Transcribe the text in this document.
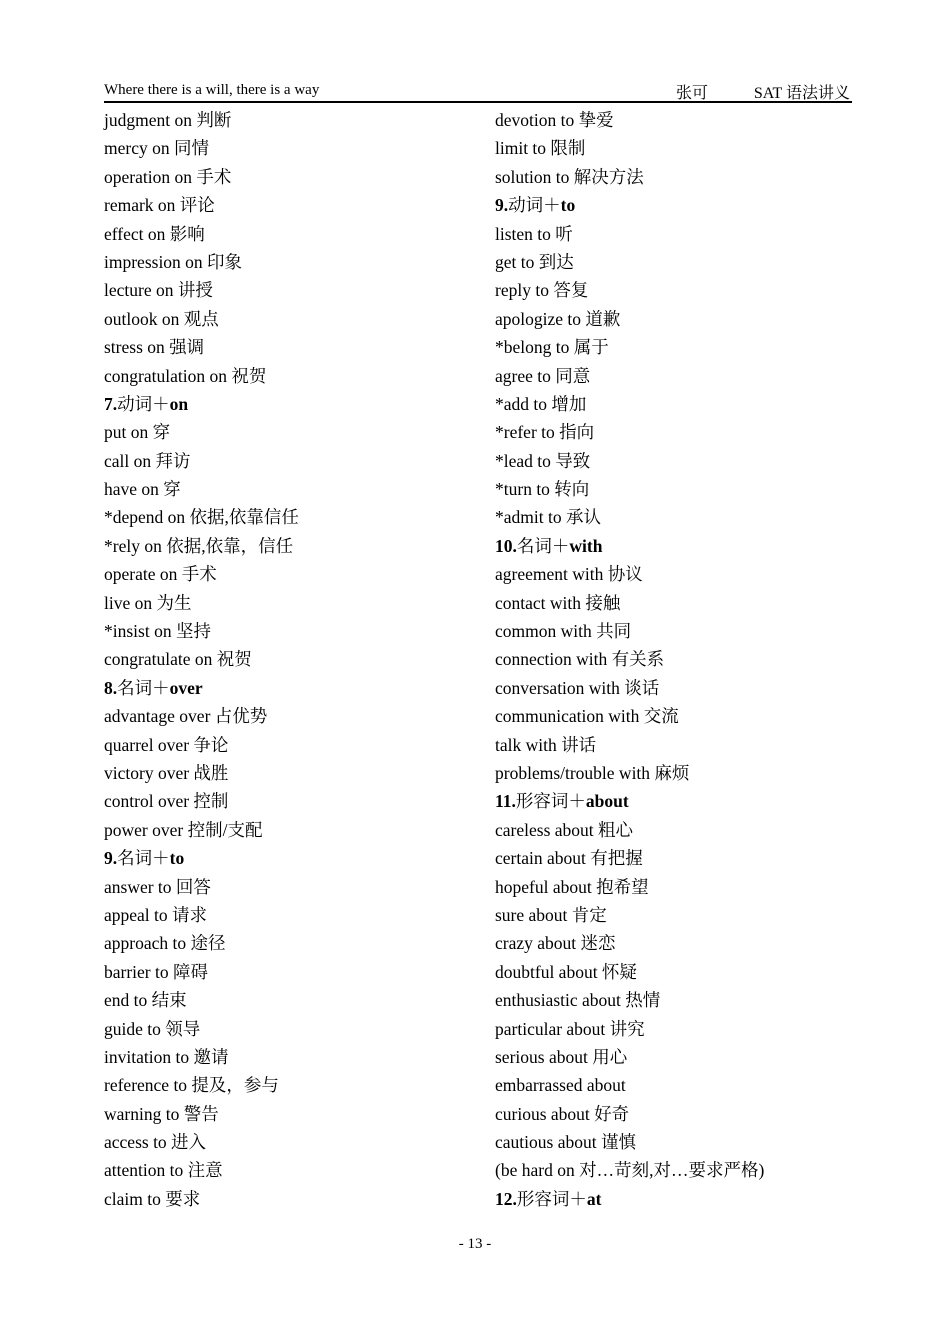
Where there is a will, there is a way	张可	SAT 语法讲义
judgment on 判断
mercy on 同情
operation on 手术
remark on 评论
effect on 影响
impression on 印象
lecture on 讲授
outlook on 观点
stress on 强调
congratulation on 祝贺
7.动词＋on
put on 穿
call on 拜访
have on 穿
*depend on 依据,依靠信任
*rely on 依据,依靠，信任
operate on 手术
live on 为生
*insist on 坚持
congratulate on 祝贺
8.名词＋over
advantage over 占优势
quarrel over 争论
victory over 战胜
control over 控制
power over 控制/支配
9.名词＋to
answer to 回答
appeal to 请求
approach to 途径
barrier to 障碍
end to 结束
guide to 领导
invitation to 邀请
reference to 提及，参与
warning to 警告
access to 进入
attention to 注意
claim to 要求
devotion to 挚爱
limit to 限制
solution to 解决方法
9.动词＋to
listen to 听
get to 到达
reply to 答复
apologize to 道歉
*belong to 属于
agree to 同意
*add to 增加
*refer to 指向
*lead to 导致
*turn to 转向
*admit to 承认
10.名词＋with
agreement with 协议
contact with 接触
common with 共同
connection with 有关系
conversation with 谈话
communication with 交流
talk with 讲话
problems/trouble with 麻烦
11.形容词＋about
careless about 粗心
certain about 有把握
hopeful about 抱希望
sure about 肯定
crazy about 迷恋
doubtful about 怀疑
enthusiastic about 热情
particular about 讲究
serious about 用心
embarrassed about
curious about 好奇
cautious about 谨慎
(be hard on 对…苛刻,对…要求严格)
12.形容词＋at
- 13 -
